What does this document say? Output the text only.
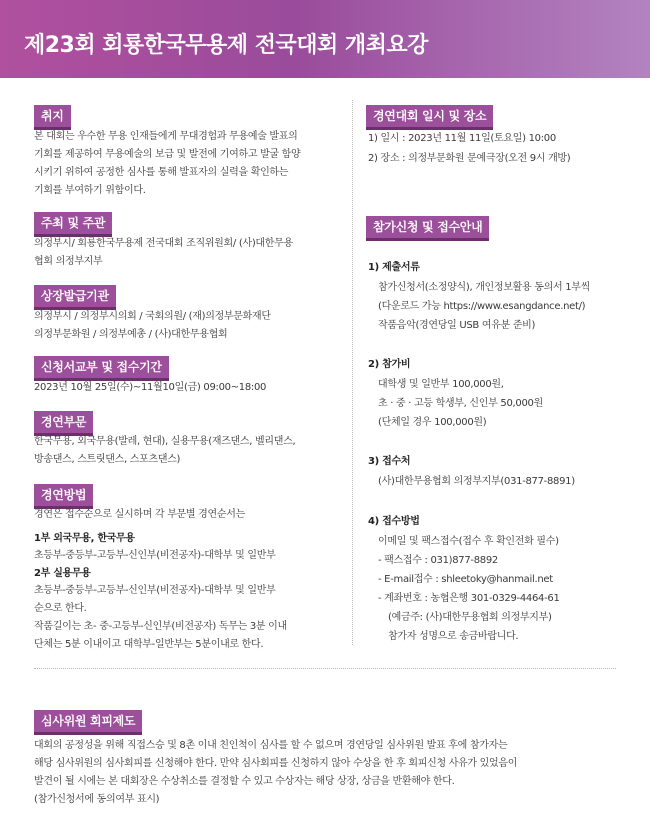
제23회 회룡한국무용제 전국대회 개최요강
취지
본 대회는 우수한 무용 인재들에게 무대경험과 무용예술 발표의
기회를 제공하여 무용예술의 보급 및 발전에 기여하고 발굴 함양
시키기 위하여 공정한 심사를 통해 발표자의 실력을 확인하는
기회를 부여하기 위함이다.
주최 및 주관
의정부시/ 회룡한국무용제 전국대회 조직위원회/ (사)대한무용
협회 의정부지부
상장발급기관
의정부시 / 의정부시의회 / 국회의원/ (재)의정부문화재단
의정부문화원 / 의정부예총 / (사)대한무용협회
신청서교부 및 접수기간
2023년 10월 25일(수)~11월10일(금) 09:00~18:00
경연부문
한국무용, 외국무용(발레, 현대), 실용무용(재즈댄스, 벨리댄스,
방송댄스, 스트릿댄스, 스포츠댄스)
경연방법
경연은 접수순으로 실시하며 각 부문별 경연순서는
1부 외국무용, 한국무용
초등부-중등부-고등부-신인부(비전공자)-대학부 및 일반부
2부 실용무용
초등부-중등부-고등부-신인부(비전공자)-대학부 및 일반부
순으로 한다.
작품길이는 초- 중-고등부-신인부(비전공자) 독무는 3분 이내
단체는 5분 이내이고 대학부-일반부는 5분이내로 한다.
경연대회 일시 및 장소
1) 일시 : 2023년 11월 11일(토요일) 10:00
2) 장소 : 의정부문화원 문예극장(오전 9시 개방)
참가신청 및 접수안내
1) 제출서류
참가신청서(소정양식), 개인정보활용 동의서 1부씩
(다운로드 가능 https://www.esangdance.net/)
작품음악(경연당일 USB 여유분 준비)
2) 참가비
대학생 및 일반부 100,000원,
초 · 중 · 고등 학생부, 신인부 50,000원
(단체일 경우 100,000원)
3) 접수처
(사)대한무용협회 의정부지부(031-877-8891)
4) 접수방법
이메일 및 팩스접수(접수 후 확인전화 필수)
- 팩스접수 : 031)877-8892
- E-mail접수 : shleetoky@hanmail.net
- 계좌번호 : 농협은행 301-0329-4464-61
(예금주: (사)대한무용협회 의정부지부)
참가자 성명으로 송금바랍니다.
심사위원 회피제도
대회의 공정성을 위해 직접스승 및 8촌 이내 친인척이 심사를 할 수 없으며 경연당일 심사위원 발표 후에 참가자는
해당 심사위원의 심사회피를 신청해야 한다. 만약 심사회피를 신청하지 않아 수상을 한 후 회피신청 사유가 있었음이
발견이 될 시에는 본 대회장은 수상취소를 결정할 수 있고 수상자는 해당 상장, 상금을 반환해야 한다.
(참가신청서에 동의여부 표시)
